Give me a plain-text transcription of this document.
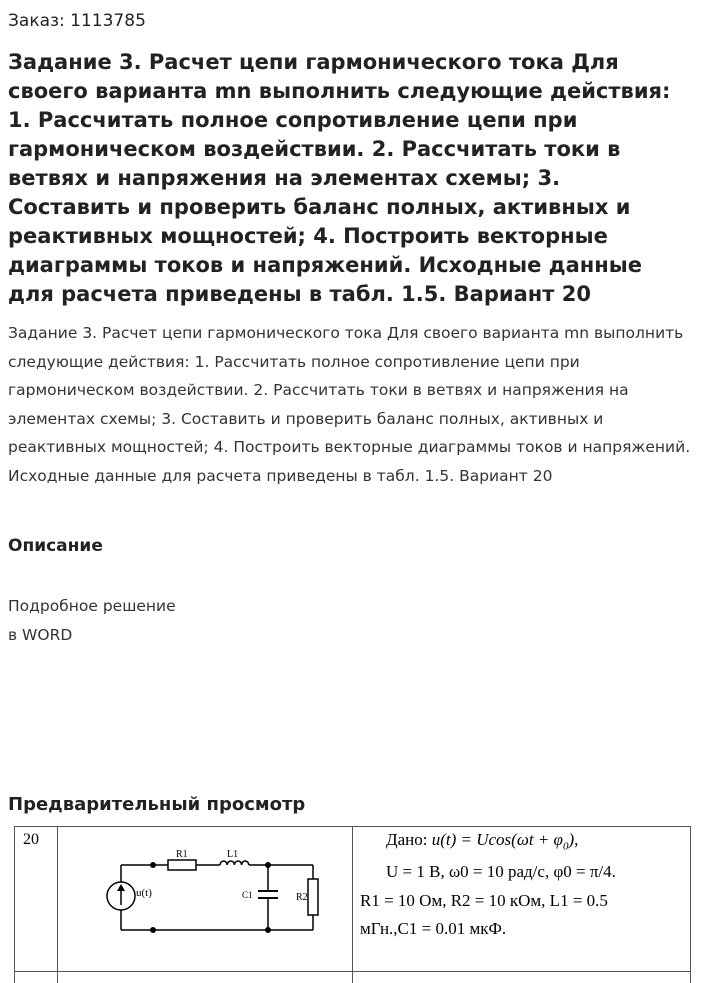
Заказ: 1113785
Задание 3. Расчет цепи гармонического тока Для своего варианта mn выполнить следующие действия: 1. Рассчитать полное сопротивление цепи при гармоническом воздействии. 2. Рассчитать токи в ветвях и напряжения на элементах схемы; 3. Составить и проверить баланс полных, активных и реактивных мощностей; 4. Построить векторные диаграммы токов и напряжений. Исходные данные для расчета приведены в табл. 1.5. Вариант 20
Задание 3. Расчет цепи гармонического тока Для своего варианта mn выполнить следующие действия: 1. Рассчитать полное сопротивление цепи при гармоническом воздействии. 2. Рассчитать токи в ветвях и напряжения на элементах схемы; 3. Составить и проверить баланс полных, активных и реактивных мощностей; 4. Построить векторные диаграммы токов и напряжений. Исходные данные для расчета приведены в табл. 1.5. Вариант 20
Описание
Подробное решение
в WORD
Предварительный просмотр
20
R1	L1
C1	R2
u(t)
Дано: $u(t) = Ucos(\omega t + \varphi_0)$,
U = 1 В, ω0 = 10 рад/с, φ0 = π/4.
R1 = 10 Ом, R2 = 10 кОм, L1 = 0.5
мГн.,C1 = 0.01 мкФ.
